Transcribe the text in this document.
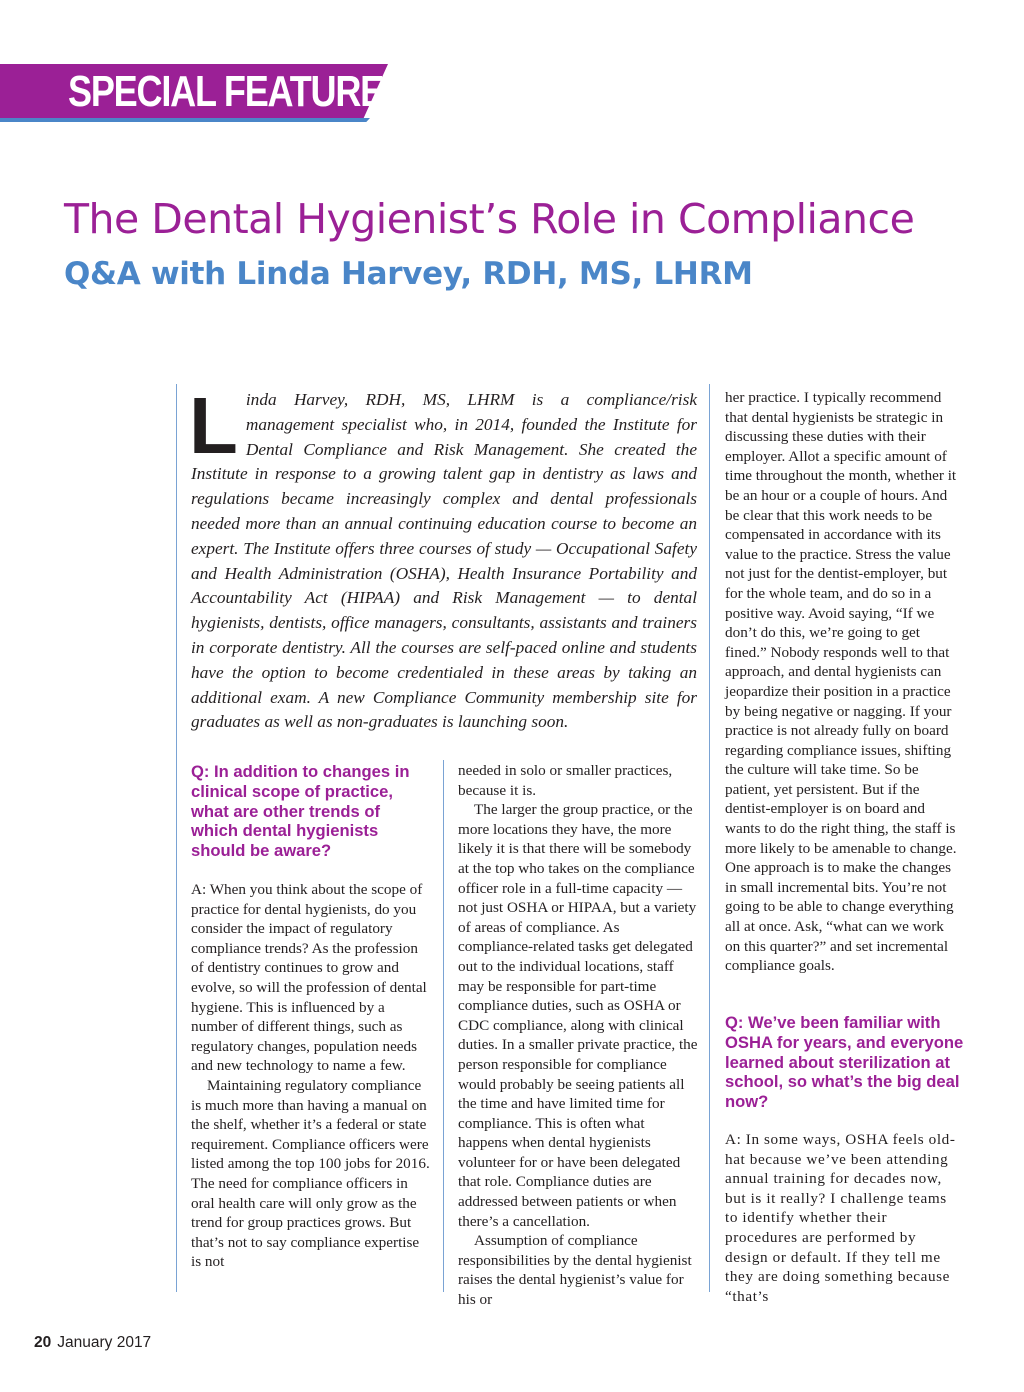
SPECIAL FEATURE
The Dental Hygienist’s Role in Compliance
Q&A with Linda Harvey, RDH, MS, LHRM
Linda Harvey, RDH, MS, LHRM is a compliance/risk management specialist who, in 2014, founded the Institute for Dental Compliance and Risk Management. She created the Institute in response to a growing talent gap in dentistry as laws and regulations became increasingly complex and dental professionals needed more than an annual continuing education course to become an expert. The Institute offers three courses of study — Occupational Safety and Health Administration (OSHA), Health Insurance Portability and Accountability Act (HIPAA) and Risk Management — to dental hygienists, dentists, office managers, consultants, assistants and trainers in corporate dentistry. All the courses are self-paced online and students have the option to become credentialed in these areas by taking an additional exam. A new Compliance Community membership site for graduates as well as non-graduates is launching soon.
Q: In addition to changes in clinical scope of practice, what are other trends of which dental hygienists should be aware?

A: When you think about the scope of practice for dental hygienists, do you consider the impact of regulatory compliance trends? As the profession of dentistry continues to grow and evolve, so will the profession of dental hygiene. This is influenced by a number of different things, such as regulatory changes, population needs and new technology to name a few.

Maintaining regulatory compliance is much more than having a manual on the shelf, whether it’s a federal or state requirement. Compliance officers were listed among the top 100 jobs for 2016. The need for compliance officers in oral health care will only grow as the trend for group practices grows. But that’s not to say compliance expertise is not

needed in solo or smaller practices, because it is.

The larger the group practice, or the more locations they have, the more likely it is that there will be somebody at the top who takes on the compliance officer role in a full-time capacity — not just OSHA or HIPAA, but a variety of areas of compliance. As compliance-related tasks get delegated out to the individual locations, staff may be responsible for part-time compliance duties, such as OSHA or CDC compliance, along with clinical duties. In a smaller private practice, the person responsible for compliance would probably be seeing patients all the time and have limited time for compliance. This is often what happens when dental hygienists volunteer for or have been delegated that role. Compliance duties are addressed between patients or when there’s a cancellation.

Assumption of compliance responsibilities by the dental hygienist raises the dental hygienist’s value for his or

her practice. I typically recommend that dental hygienists be strategic in discussing these duties with their employer. Allot a specific amount of time throughout the month, whether it be an hour or a couple of hours. And be clear that this work needs to be compensated in accordance with its value to the practice. Stress the value not just for the dentist-employer, but for the whole team, and do so in a positive way. Avoid saying, “If we don’t do this, we’re going to get fined.” Nobody responds well to that approach, and dental hygienists can jeopardize their position in a practice by being negative or nagging. If your practice is not already fully on board regarding compliance issues, shifting the culture will take time. So be patient, yet persistent. But if the dentist-employer is on board and wants to do the right thing, the staff is more likely to be amenable to change. One approach is to make the changes in small incremental bits. You’re not going to be able to change everything all at once. Ask, “what can we work on this quarter?” and set incremental compliance goals.

Q: We’ve been familiar with OSHA for years, and everyone learned about sterilization at school, so what’s the big deal now?
A: In some ways, OSHA feels old-hat because we’ve been attending annual training for decades now, but is it really? I challenge teams to identify whether their procedures are performed by design or default. If they tell me they are doing something because “that’s
20 January 2017
